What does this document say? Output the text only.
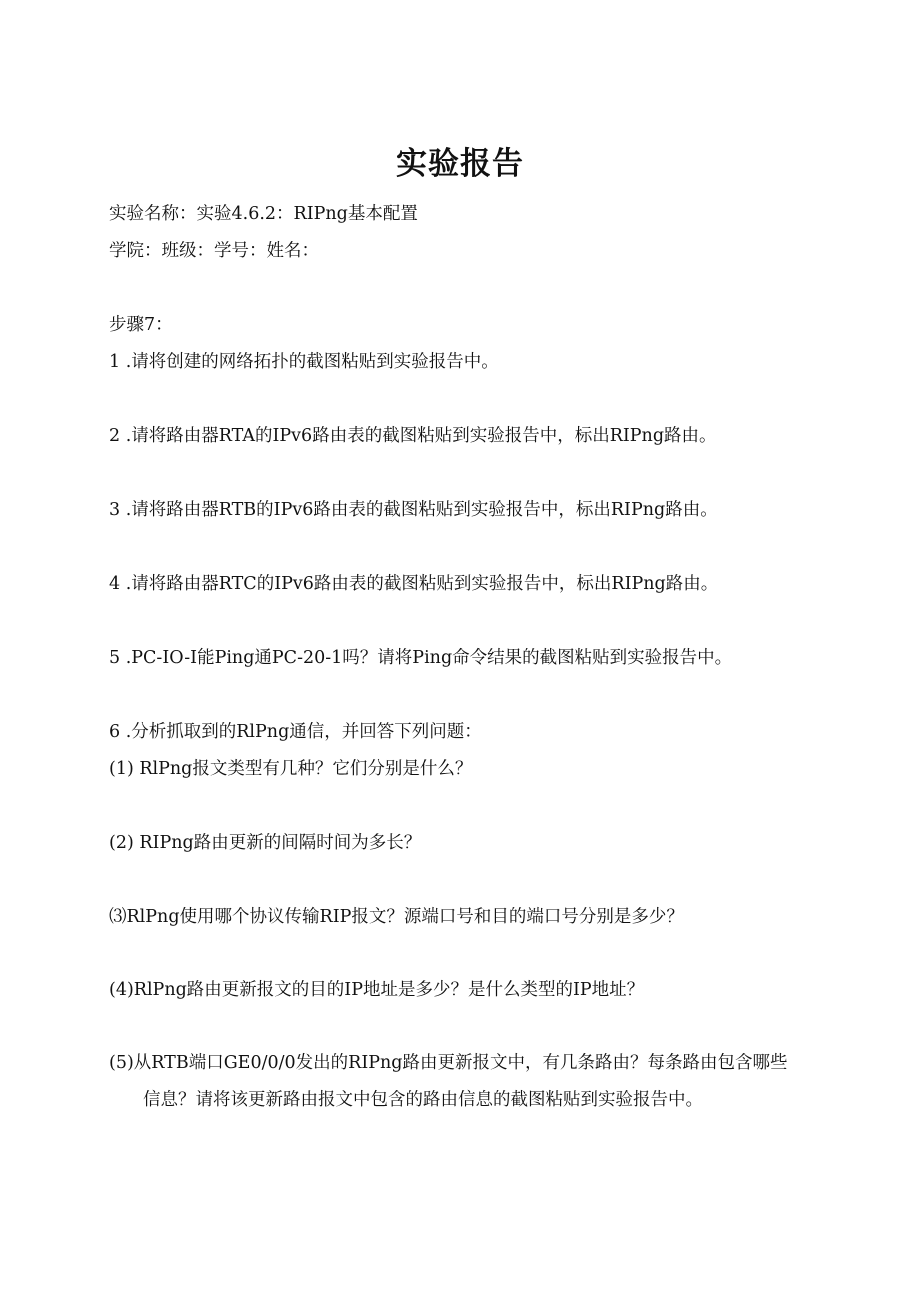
实验报告
实验名称：实验4.6.2：RIPng基本配置
学院：班级：学号：姓名：
步骤7：
1 .请将创建的网络拓扑的截图粘贴到实验报告中。
2 .请将路由器RTA的IPv6路由表的截图粘贴到实验报告中，标出RIPng路由。
3 .请将路由器RTB的IPv6路由表的截图粘贴到实验报告中，标出RIPng路由。
4 .请将路由器RTC的IPv6路由表的截图粘贴到实验报告中，标出RIPng路由。
5 .PC-IO-I能Ping通PC-20-1吗？请将Ping命令结果的截图粘贴到实验报告中。
6 .分析抓取到的RlPng通信，并回答下列问题：
(1) RlPng报文类型有几种？它们分别是什么？
(2) RIPng路由更新的间隔时间为多长？
⑶RlPng使用哪个协议传输RIP报文？源端口号和目的端口号分别是多少？
(4)RlPng路由更新报文的目的IP地址是多少？是什么类型的IP地址？
(5)从RTB端口GE0/0/0发出的RIPng路由更新报文中，有几条路由？每条路由包含哪些
信息？请将该更新路由报文中包含的路由信息的截图粘贴到实验报告中。
